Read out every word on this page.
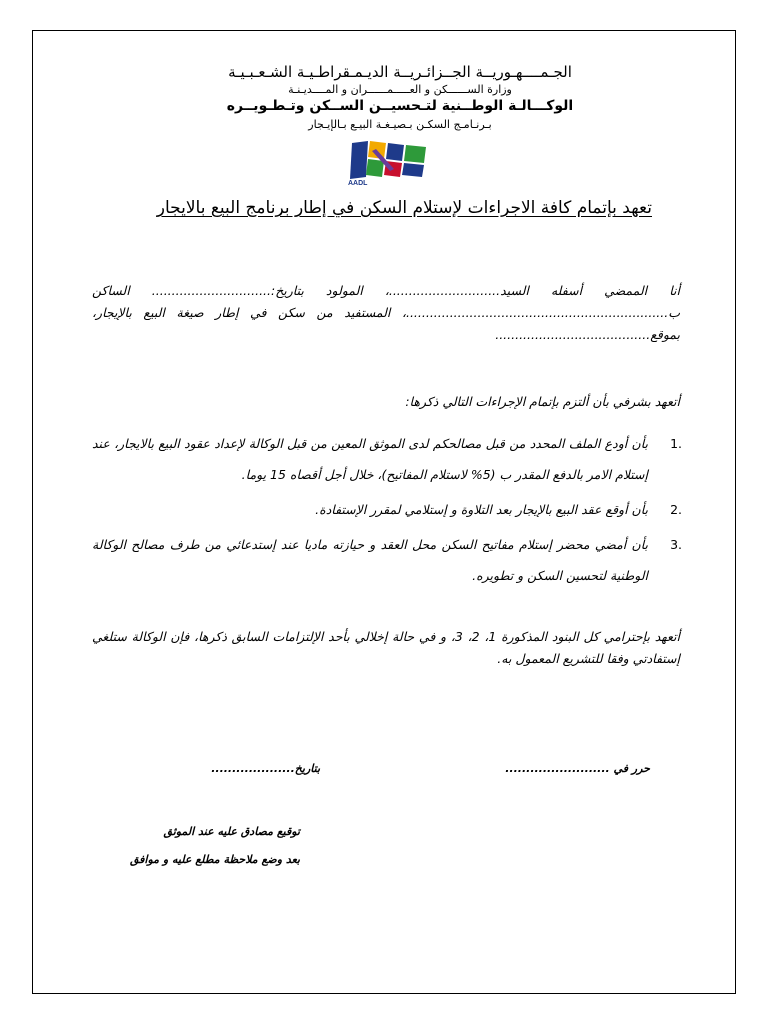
الجـمــــهـوريــة الجــزائـريــة الديـمـقراطـيـة الشـعـبـيـة
وزارة الســــــكن و العـــــمــــــران و المــــديـنـة
الوكـــالـة الوطــنية لتـحسيــن الســكن وتـطـويــره
بـرنـامـج السكـن بـصيـغـة البيـع بـالإيـجار
AADL
تعهد بإتمام كافة الاجراءات لإستلام السكن في إطار برنامج البيع بالايجار
أنا الممضي أسفله السيد............................، المولود بتاريخ:.............................. الساكن ب..................................................................، المستفيد من سكن في إطار صيغة البيع بالإيجار، بموقع.......................................
أتعهد بشرفي بأن ألتزم بإتمام الإجراءات التالي ذكرها:
.1
بأن أودع الملف المحدد من قبل مصالحكم لدى الموثق المعين من قبل الوكالة لإعداد عقود البيع بالايجار، عند إستلام الامر بالدفع المقدر ب (5% لاستلام المفاتيح)، خلال أجل أقصاه 15 يوما.
.2
بأن أوقع عقد البيع بالإيجار بعد التلاوة و إستلامي لمقرر الإستفادة.
.3
بأن أمضي محضر إستلام مفاتيح السكن محل العقد و حيازته ماديا عند إستدعائي من طرف مصالح الوكالة الوطنية لتحسين السكن و تطويره.
أتعهد بإحترامي كل البنود المذكورة 1، 2، 3، و في حالة إخلالي بأحد الإلتزامات السابق ذكرها، فإن الوكالة ستلغي إستفادتي وفقا للتشريع المعمول به.
حرر في .........................
بتاريخ....................
توقيع مصادق عليه عند الموثق
بعد وضع ملاحظة مطلع عليه و موافق
